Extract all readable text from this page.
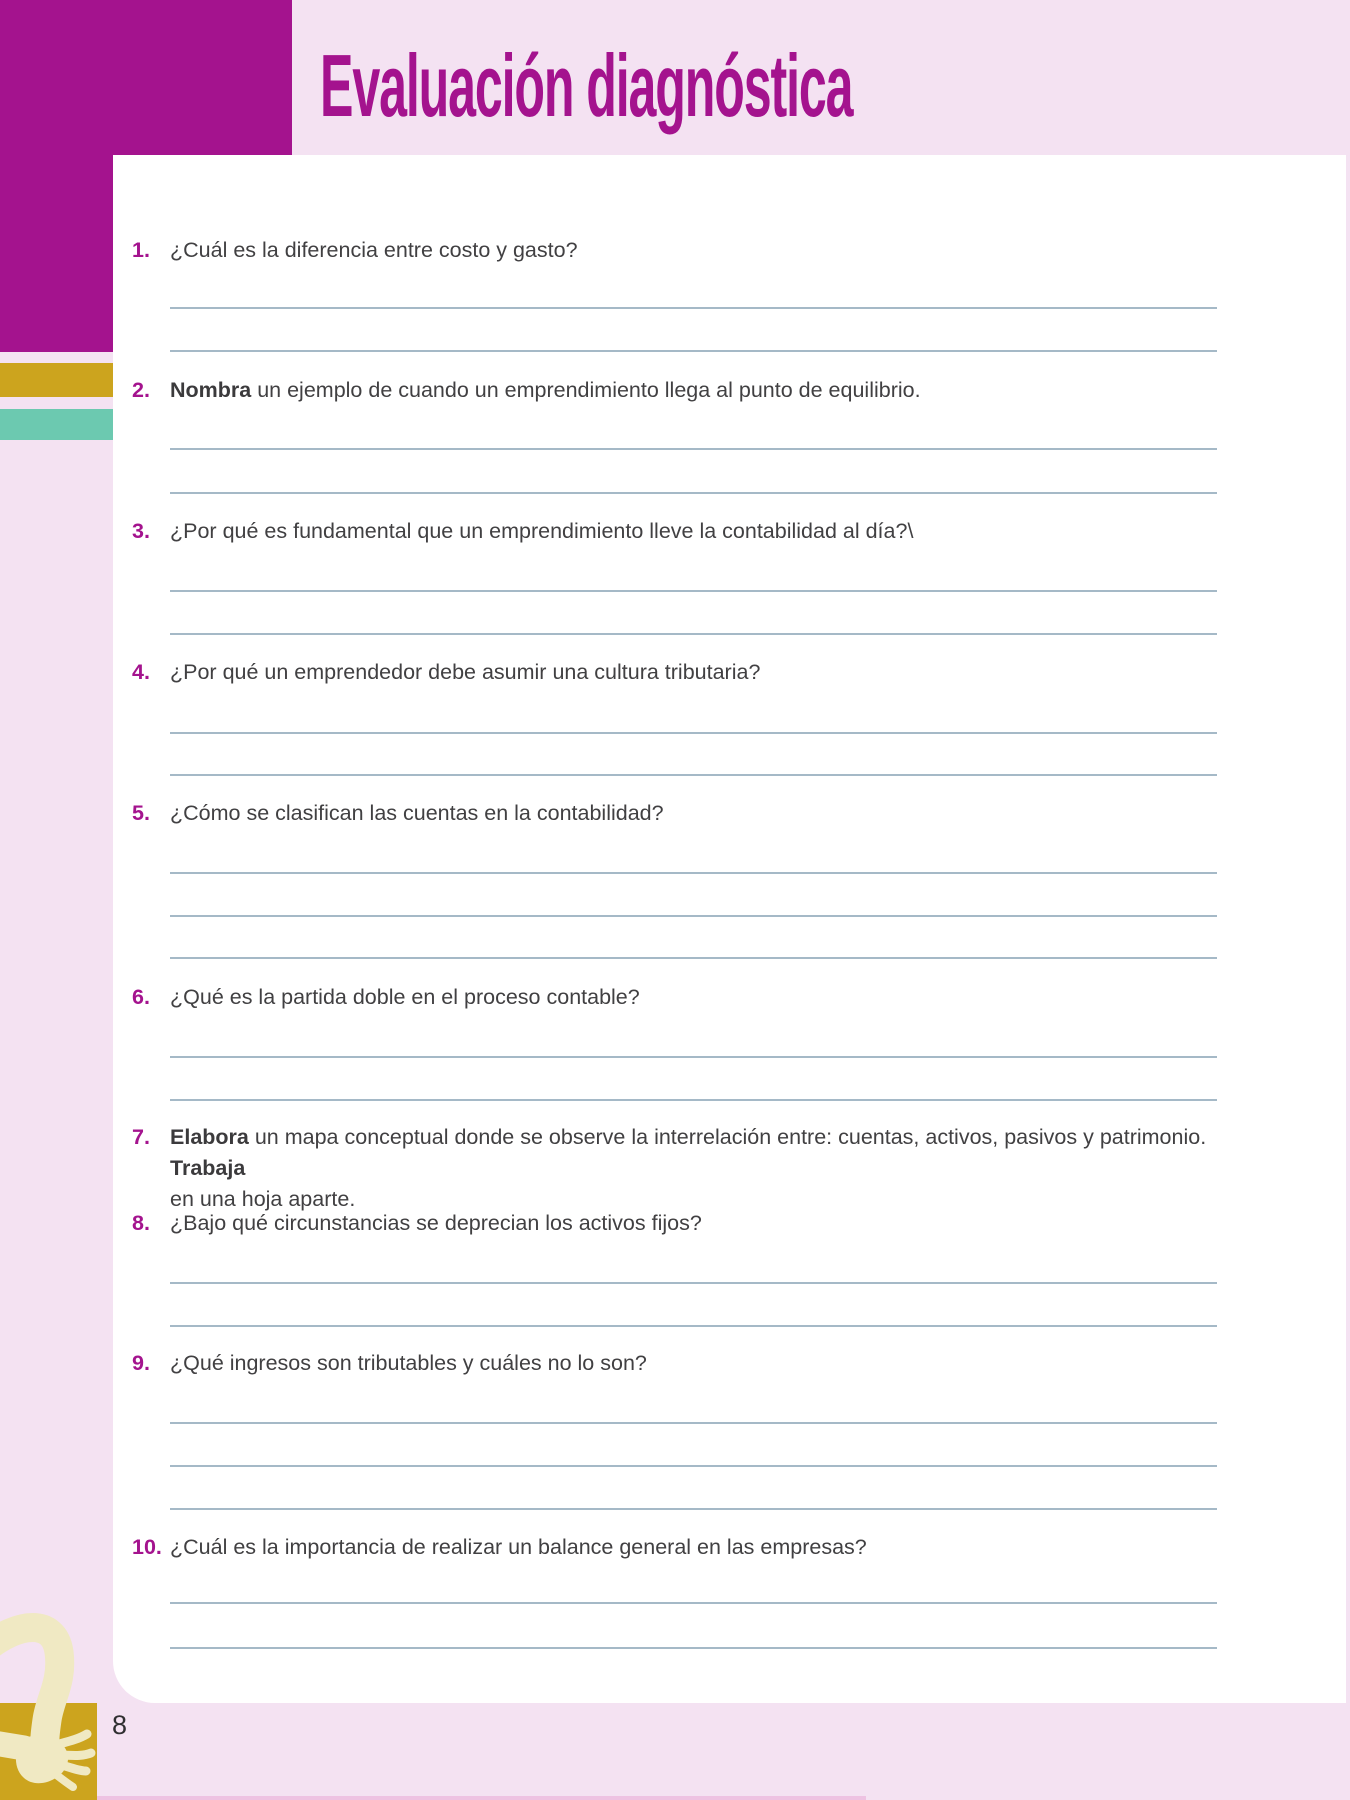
Evaluación diagnóstica
1. ¿Cuál es la diferencia entre costo y gasto?
2. Nombra un ejemplo de cuando un emprendimiento llega al punto de equilibrio.
3. ¿Por qué es fundamental que un emprendimiento lleve la contabilidad al día?\
4. ¿Por qué un emprendedor debe asumir una cultura tributaria?
5. ¿Cómo se clasifican las cuentas en la contabilidad?
6. ¿Qué es la partida doble en el proceso contable?
7. Elabora un mapa conceptual donde se observe la interrelación entre: cuentas, activos, pasivos y patrimonio. Trabaja
en una hoja aparte.
8. ¿Bajo qué circunstancias se deprecian los activos fijos?
9. ¿Qué ingresos son tributables y cuáles no lo son?
10. ¿Cuál es la importancia de realizar un balance general en las empresas?
8
